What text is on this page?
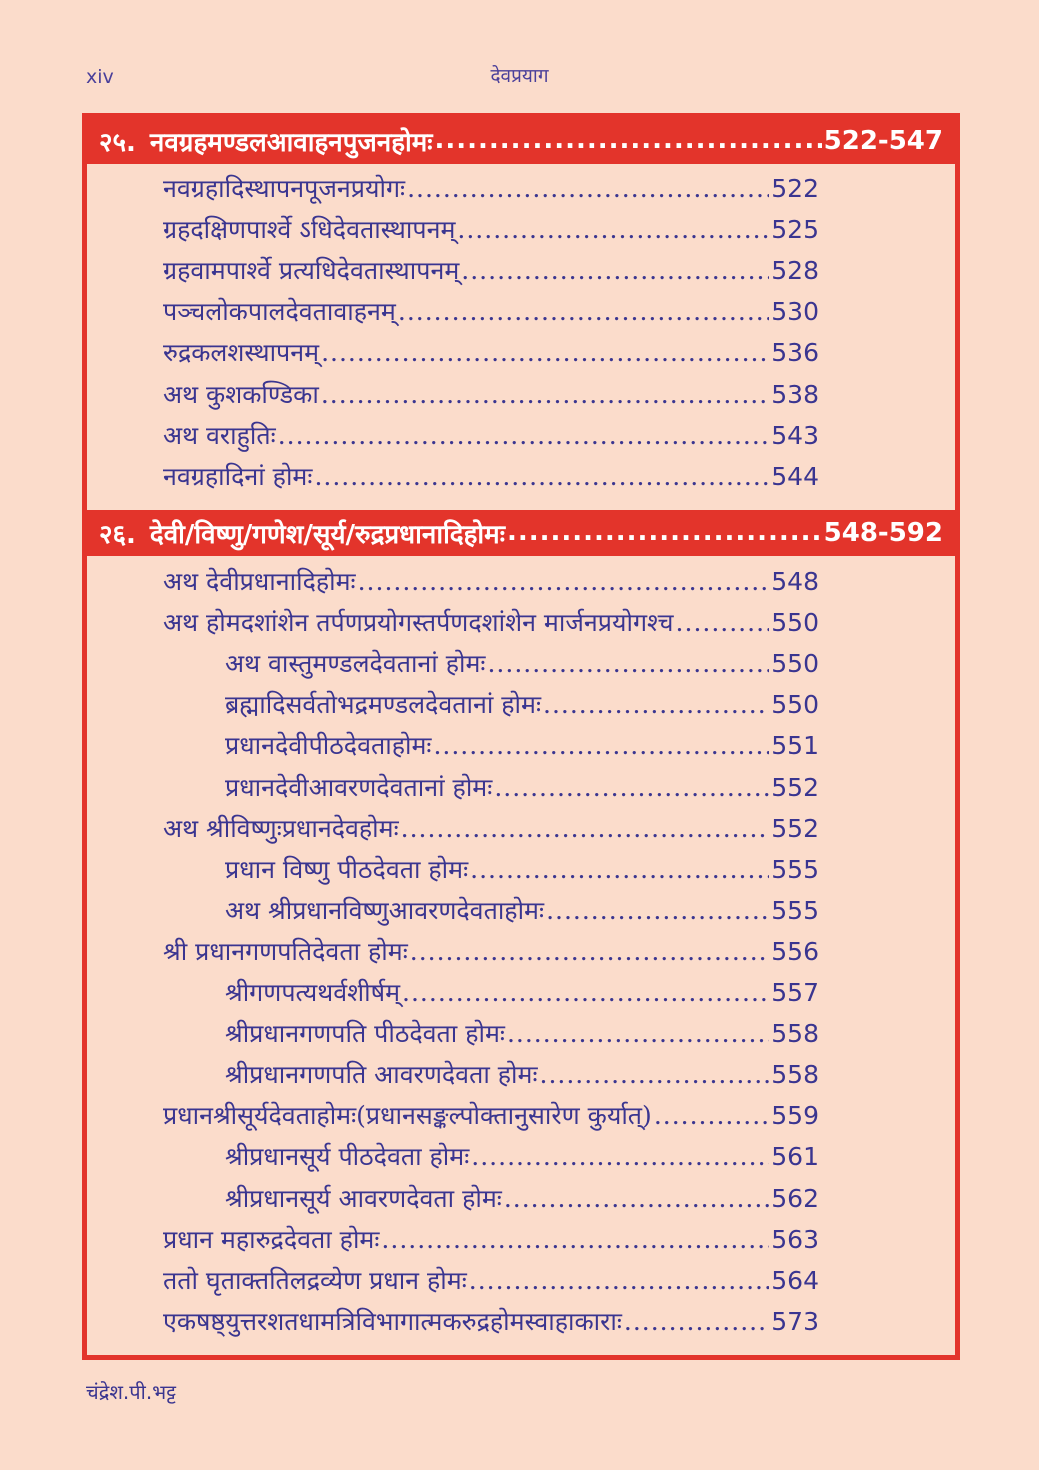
xiv	देवप्रयाग
२५. नवग्रहमण्डलआवाहनपुजनहोमः .....	522-547
नवग्रहादिस्थापनपूजनप्रयोगः .....	522
ग्रहदक्षिणपार्श्वे ऽधिदेवतास्थापनम् .....	525
ग्रहवामपार्श्वे प्रत्यधिदेवतास्थापनम् .....	528
पञ्चलोकपालदेवतावाहनम् .....	530
रुद्रकलशस्थापनम् .....	536
अथ कुशकण्डिका .....	538
अथ वराहुतिः .....	543
नवग्रहादिनां होमः .....	544
२६. देवी/विष्णु/गणेश/सूर्य/रुद्रप्रधानादिहोमः .....	548-592
अथ देवीप्रधानादिहोमः .....	548
अथ होमदशांशेन तर्पणप्रयोगस्तर्पणदशांशेन मार्जनप्रयोगश्च .....	550
अथ वास्तुमण्डलदेवतानां होमः .....	550
ब्रह्मादिसर्वतोभद्रमण्डलदेवतानां होमः .....	550
प्रधानदेवीपीठदेवताहोमः .....	551
प्रधानदेवीआवरणदेवतानां होमः .....	552
अथ श्रीविष्णुःप्रधानदेवहोमः .....	552
प्रधान विष्णु पीठदेवता होमः .....	555
अथ श्रीप्रधानविष्णुआवरणदेवताहोमः .....	555
श्री प्रधानगणपतिदेवता होमः .....	556
श्रीगणपत्यथर्वशीर्षम् .....	557
श्रीप्रधानगणपति पीठदेवता होमः .....	558
श्रीप्रधानगणपति आवरणदेवता होमः .....	558
प्रधानश्रीसूर्यदेवताहोमः(प्रधानसङ्कल्पोक्तानुसारेण कुर्यात्) .....	559
श्रीप्रधानसूर्य पीठदेवता होमः .....	561
श्रीप्रधानसूर्य आवरणदेवता होमः .....	562
प्रधान महारुद्रदेवता होमः .....	563
ततो घृताक्ततिलद्रव्येण प्रधान होमः .....	564
एकषष्ठ्युत्तरशतधामत्रिविभागात्मकरुद्रहोमस्वाहाकाराः .....	573
चंद्रेश.पी.भट्ट
